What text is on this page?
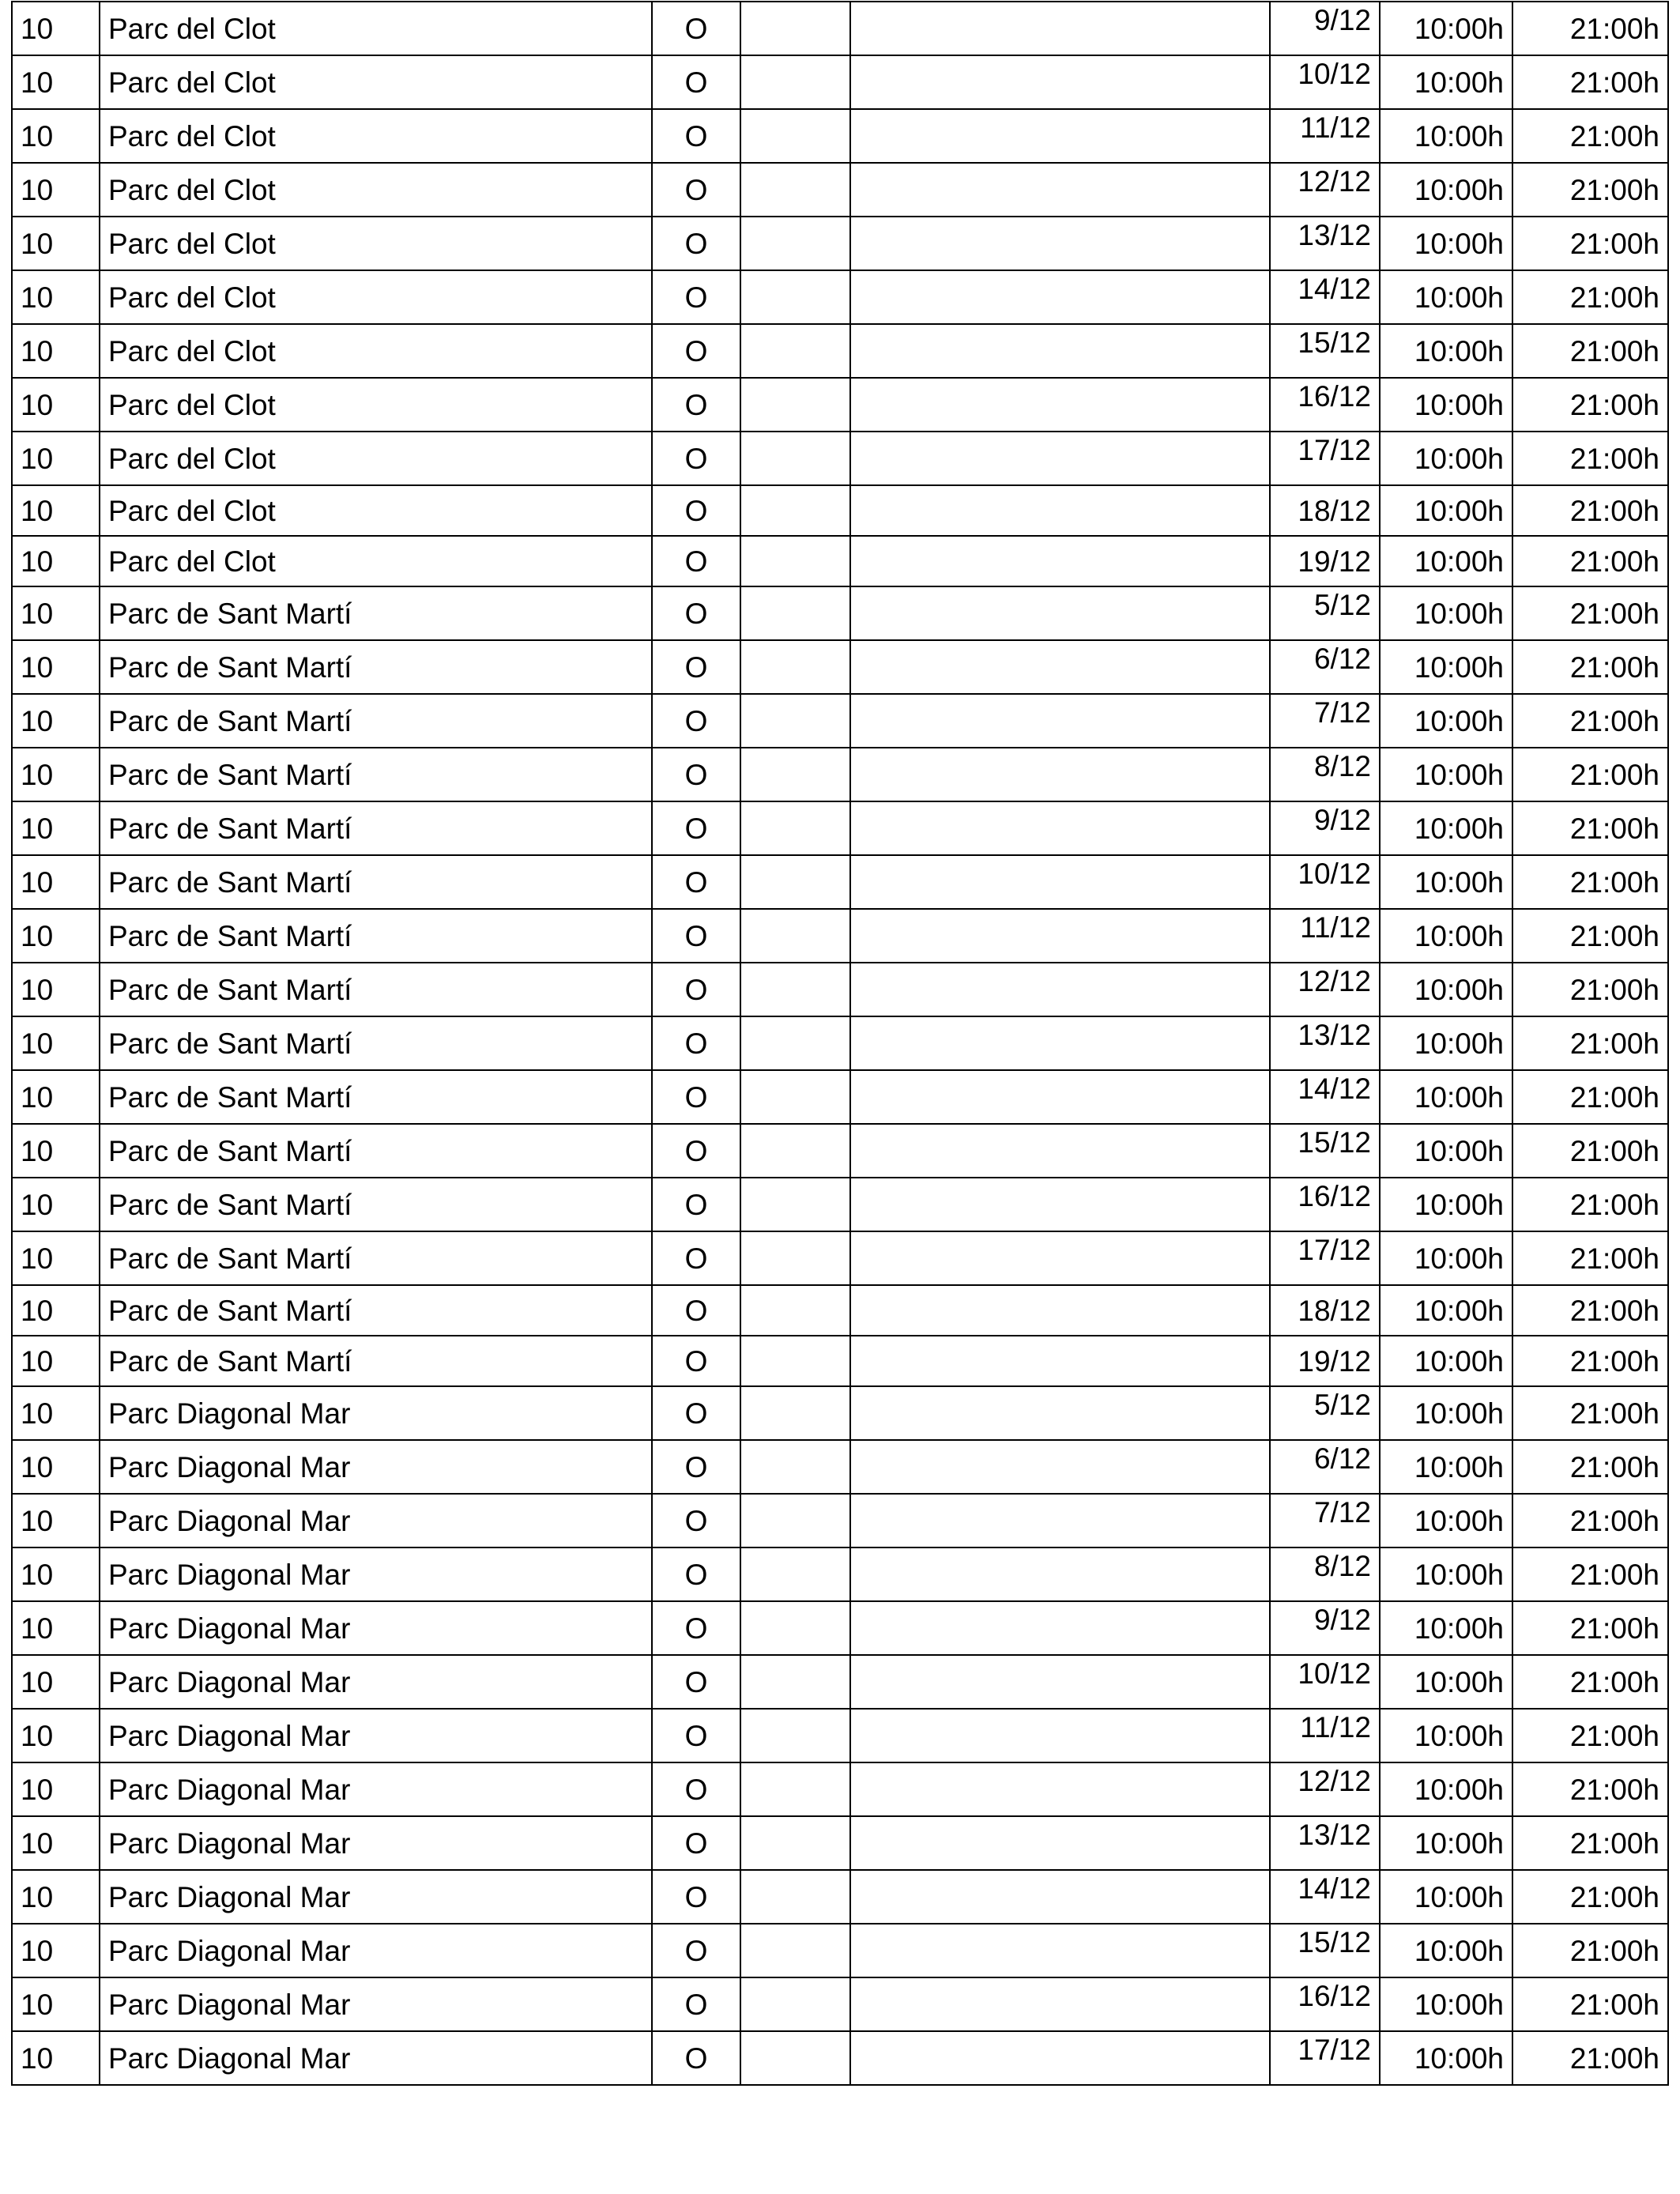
10	Parc del Clot	O			9/12	10:00h	21:00h
10	Parc del Clot	O			10/12	10:00h	21:00h
10	Parc del Clot	O			11/12	10:00h	21:00h
10	Parc del Clot	O			12/12	10:00h	21:00h
10	Parc del Clot	O			13/12	10:00h	21:00h
10	Parc del Clot	O			14/12	10:00h	21:00h
10	Parc del Clot	O			15/12	10:00h	21:00h
10	Parc del Clot	O			16/12	10:00h	21:00h
10	Parc del Clot	O			17/12	10:00h	21:00h
10	Parc del Clot	O			18/12	10:00h	21:00h
10	Parc del Clot	O			19/12	10:00h	21:00h
10	Parc de Sant Martí	O			5/12	10:00h	21:00h
10	Parc de Sant Martí	O			6/12	10:00h	21:00h
10	Parc de Sant Martí	O			7/12	10:00h	21:00h
10	Parc de Sant Martí	O			8/12	10:00h	21:00h
10	Parc de Sant Martí	O			9/12	10:00h	21:00h
10	Parc de Sant Martí	O			10/12	10:00h	21:00h
10	Parc de Sant Martí	O			11/12	10:00h	21:00h
10	Parc de Sant Martí	O			12/12	10:00h	21:00h
10	Parc de Sant Martí	O			13/12	10:00h	21:00h
10	Parc de Sant Martí	O			14/12	10:00h	21:00h
10	Parc de Sant Martí	O			15/12	10:00h	21:00h
10	Parc de Sant Martí	O			16/12	10:00h	21:00h
10	Parc de Sant Martí	O			17/12	10:00h	21:00h
10	Parc de Sant Martí	O			18/12	10:00h	21:00h
10	Parc de Sant Martí	O			19/12	10:00h	21:00h
10	Parc Diagonal Mar	O			5/12	10:00h	21:00h
10	Parc Diagonal Mar	O			6/12	10:00h	21:00h
10	Parc Diagonal Mar	O			7/12	10:00h	21:00h
10	Parc Diagonal Mar	O			8/12	10:00h	21:00h
10	Parc Diagonal Mar	O			9/12	10:00h	21:00h
10	Parc Diagonal Mar	O			10/12	10:00h	21:00h
10	Parc Diagonal Mar	O			11/12	10:00h	21:00h
10	Parc Diagonal Mar	O			12/12	10:00h	21:00h
10	Parc Diagonal Mar	O			13/12	10:00h	21:00h
10	Parc Diagonal Mar	O			14/12	10:00h	21:00h
10	Parc Diagonal Mar	O			15/12	10:00h	21:00h
10	Parc Diagonal Mar	O			16/12	10:00h	21:00h
10	Parc Diagonal Mar	O			17/12	10:00h	21:00h
